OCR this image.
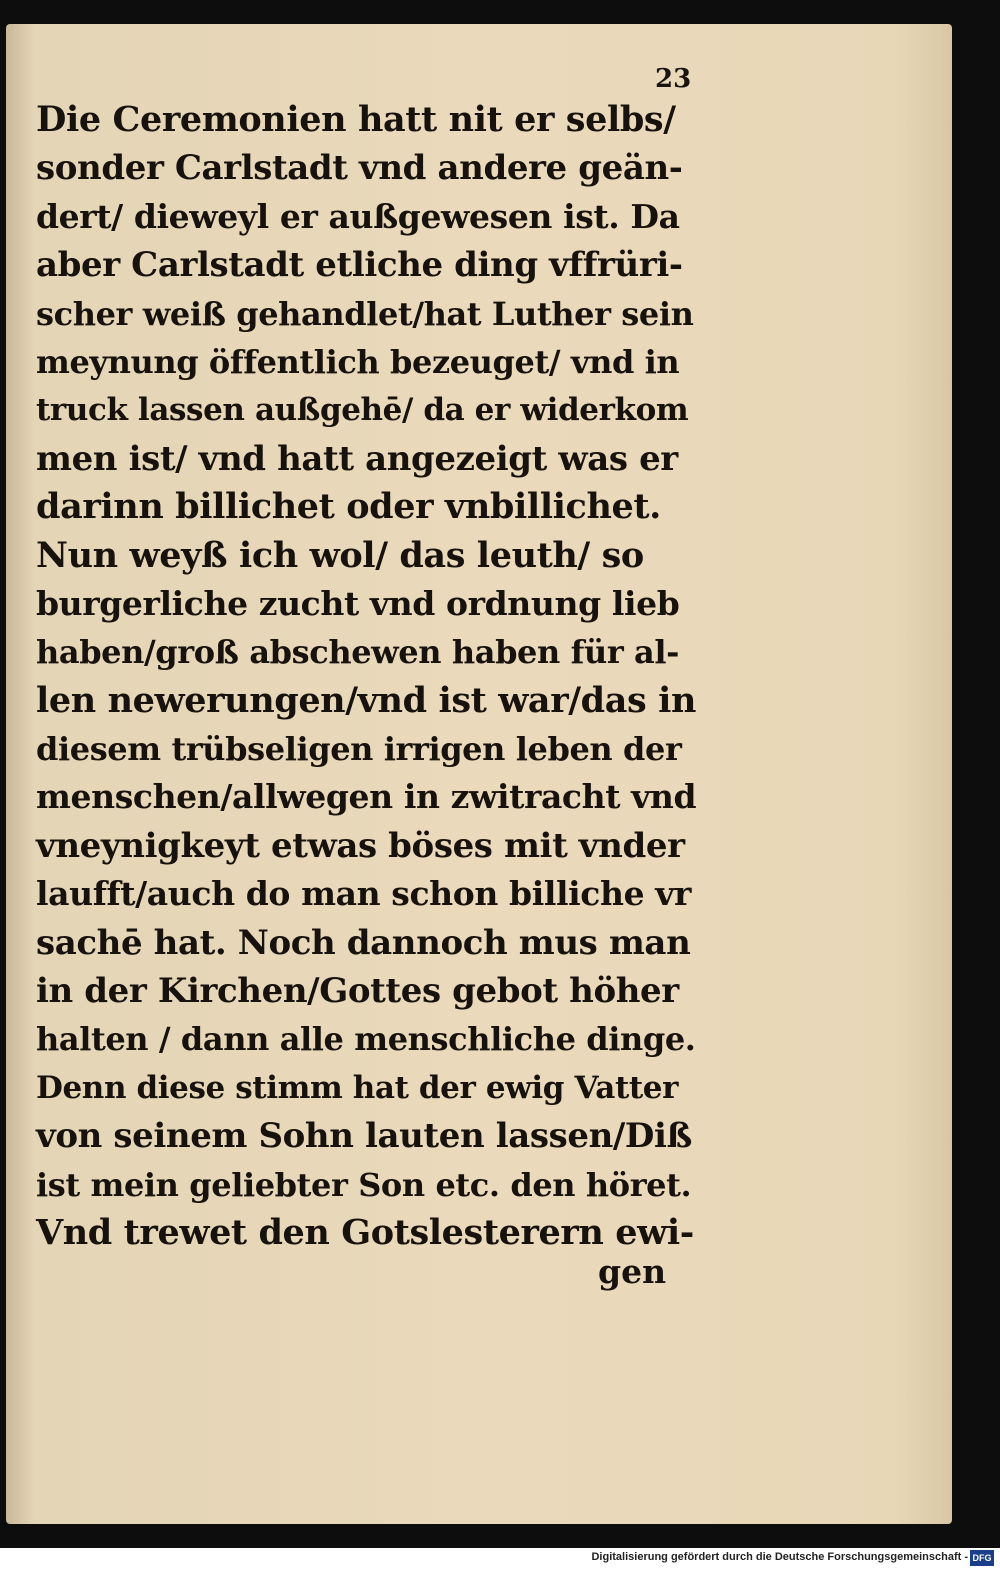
23
Die Ceremonien hatt nit er selbs/
sonder Carlstadt vnd andere geän-
dert/ dieweyl er außgewesen ist. Da
aber Carlstadt etliche ding vffrüri-
scher weiß gehandlet/hat Luther sein
meynung öffentlich bezeuget/ vnd in
truck lassen außgehē/ da er widerkom
men ist/ vnd hatt angezeigt was er
darinn billichet oder vnbillichet.
Nun weyß ich wol/ das leuth/ so
burgerliche zucht vnd ordnung lieb
haben/groß abschewen haben für al-
len newerungen/vnd ist war/das in
diesem trübseligen irrigen leben der
menschen/allwegen in zwitracht vnd
vneynigkeyt etwas böses mit vnder
laufft/auch do man schon billiche vr
sachē hat. Noch dannoch mus man
in der Kirchen/Gottes gebot höher
halten / dann alle menschliche dinge.
Denn diese stimm hat der ewig Vatter
von seinem Sohn lauten lassen/Diß
ist mein geliebter Son etc. den höret.
Vnd trewet den Gotslesterern ewi-
gen
Digitalisierung gefördert durch die Deutsche Forschungsgemeinschaft - DFG
